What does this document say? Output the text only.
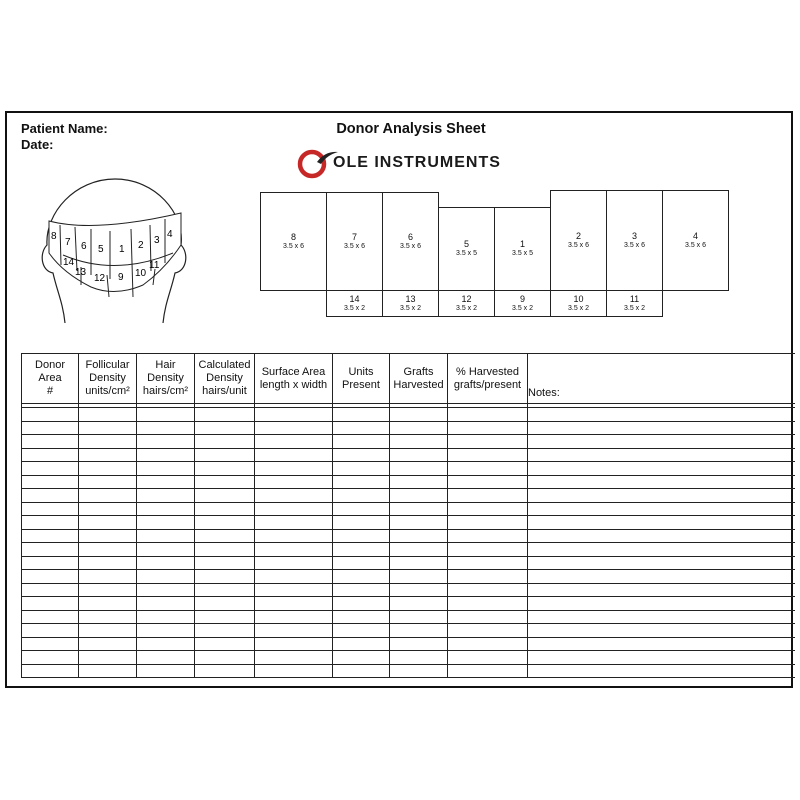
Patient Name:
Date:
Donor Analysis Sheet
OLE INSTRUMENTS
8
7 6 5 1 2 3
4
14
13
12 9 10
11
8
3.5 x 6
7
3.5 x 6
6
3.5 x 6	5
3.5 x 5
1
3.5 x 5
2
3.5 x 6
3
3.5 x 6
4
3.5 x 6
14
3.5 x 2
13
3.5 x 2
12
3.5 x 2
9
3.5 x 2
10
3.5 x 2
11
3.5 x 2
Donor
Area
#	Follicular
Density
units/cm²	Hair
Density
hairs/cm²	Calculated
Density
hairs/unit	Surface Area
length x width	Units
Present	Grafts
Harvested	% Harvested
grafts/present	Notes:
